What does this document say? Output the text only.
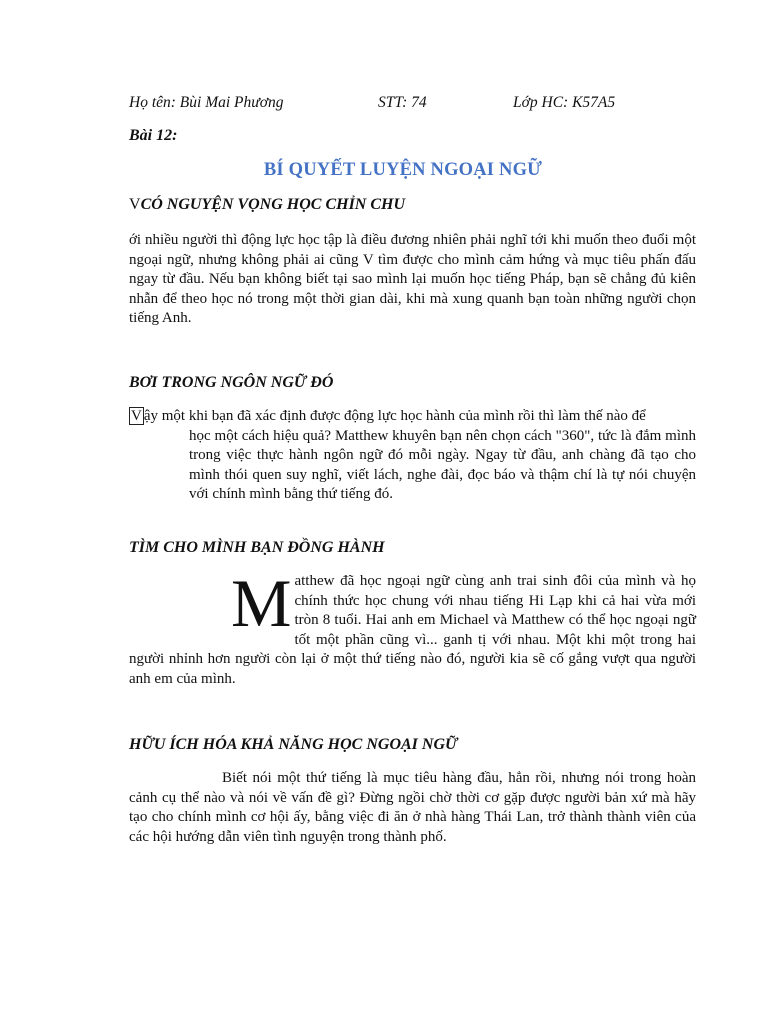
Họ tên: Bùi Mai Phương	STT: 74	Lớp HC: K57A5
Bài 12:
BÍ QUYẾT LUYỆN NGOẠI NGỮ
VCÓ NGUYỆN VỌNG HỌC CHỈN CHU

ới nhiều người thì động lực học tập là điều đương nhiên phải nghĩ tới khi muốn theo đuổi một ngoại ngữ, nhưng không phải ai cũng V tìm được cho mình cảm hứng và mục tiêu phấn đấu ngay từ đầu. Nếu bạn không biết tại sao mình lại muốn học tiếng Pháp, bạn sẽ chẳng đủ kiên nhẫn để theo học nó trong một thời gian dài, khi mà xung quanh bạn toàn những người chọn tiếng Anh.

BƠI TRONG NGÔN NGỮ ĐÓ

V ậy một khi bạn đã xác định được động lực học hành của mình rồi thì làm thế nào để

học một cách hiệu quả? Matthew khuyên bạn nên chọn cách "360", tức là đắm mình trong việc thực hành ngôn ngữ đó mỗi ngày. Ngay từ đầu, anh chàng đã tạo cho mình thói quen suy nghĩ, viết lách, nghe đài, đọc báo và thậm chí là tự nói chuyện với chính mình bằng thứ tiếng đó.

TÌM CHO MÌNH BẠN ĐỒNG HÀNH
M atthew đã học ngoại ngữ cùng anh trai sinh đôi của mình và họ chính thức học chung với nhau tiếng Hi Lạp khi cả hai vừa mới tròn 8 tuổi. Hai anh em Michael và Matthew có thể học ngoại ngữ tốt một phần cũng vì... ganh tị với nhau. Một khi một trong hai người nhỉnh hơn người còn lại ở một thứ tiếng nào đó, người kia sẽ cố gắng vượt qua người anh em của mình.

HỮU ÍCH HÓA KHẢ NĂNG HỌC NGOẠI NGỮ

Biết nói một thứ tiếng là mục tiêu hàng đầu, hẳn rồi, nhưng nói trong hoàn cảnh cụ thể nào và nói về vấn đề gì? Đừng ngồi chờ thời cơ gặp được người bản xứ mà hãy tạo cho chính mình cơ hội ấy, bằng việc đi ăn ở nhà hàng Thái Lan, trở thành thành viên của các hội hướng dẫn viên tình nguyện trong thành phố.
